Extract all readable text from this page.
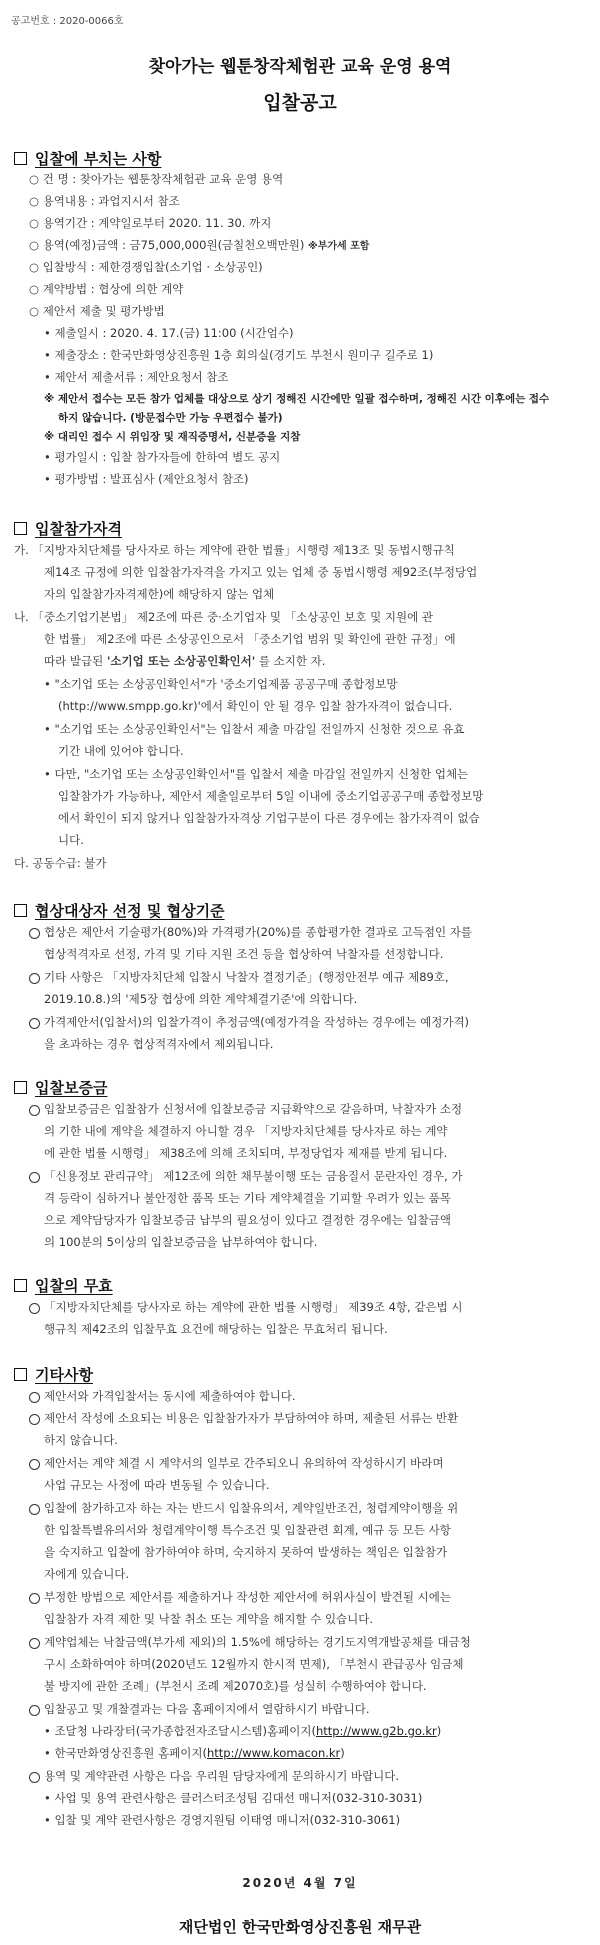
공고번호 : 2020-0066호
찾아가는 웹툰창작체험관 교육 운영 용역
입찰공고
입찰에 부치는 사항
○ 건 명 : 찾아가는 웹툰창작체험관 교육 운영 용역
○ 용역내용 : 과업지시서 참조
○ 용역기간 : 계약일로부터 2020. 11. 30. 까지
○ 용역(예정)금액 : 금75,000,000원(금칠천오백만원) ※부가세 포함
○ 입찰방식 : 제한경쟁입찰(소기업 · 소상공인)
○ 계약방법 : 협상에 의한 계약
○ 제안서 제출 및 평가방법
• 제출일시 : 2020. 4. 17.(금) 11:00 (시간엄수)
• 제출장소 : 한국만화영상진흥원 1층 회의실(경기도 부천시 원미구 길주로 1)
• 제안서 제출서류 : 제안요청서 참조
※ 제안서 접수는 모든 참가 업체를 대상으로 상기 정해진 시간에만 일괄 접수하며, 정해진 시간 이후에는 접수
하지 않습니다. (방문접수만 가능 우편접수 불가)
※ 대리인 접수 시 위임장 및 재직증명서, 신분증을 지참
• 평가일시 : 입찰 참가자들에 한하여 별도 공지
• 평가방법 : 발표심사 (제안요청서 참조)
입찰참가자격
가. 「지방자치단체를 당사자로 하는 계약에 관한 법률」시행령 제13조 및 동법시행규칙
제14조 규정에 의한 입찰참가자격을 가지고 있는 업체 중 동법시행령 제92조(부정당업
자의 입찰참가자격제한)에 해당하지 않는 업체
나. 「중소기업기본법」 제2조에 따른 중·소기업자 및 「소상공인 보호 및 지원에 관
한 법률」 제2조에 따른 소상공인으로서 「중소기업 범위 및 확인에 관한 규정」에
따라 발급된 '소기업 또는 소상공인확인서' 를 소지한 자.
• "소기업 또는 소상공인확인서"가 '중소기업제품 공공구매 종합정보망
(http://www.smpp.go.kr)'에서 확인이 안 될 경우 입찰 참가자격이 없습니다.
• "소기업 또는 소상공인확인서"는 입찰서 제출 마감일 전일까지 신청한 것으로 유효
기간 내에 있어야 합니다.
• 다만, "소기업 또는 소상공인확인서"를 입찰서 제출 마감일 전일까지 신청한 업체는
입찰참가가 가능하나, 제안서 제출일로부터 5일 이내에 중소기업공공구매 종합정보망
에서 확인이 되지 않거나 입찰참가자격상 기업구분이 다른 경우에는 참가자격이 없습
니다.
다. 공동수급: 불가
협상대상자 선정 및 협상기준
협상은 제안서 기술평가(80%)와 가격평가(20%)를 종합평가한 결과로 고득점인 자를
협상적격자로 선정, 가격 및 기타 지원 조건 등을 협상하여 낙찰자를 선정합니다.
기타 사항은 「지방자치단체 입찰시 낙찰자 결정기준」(행정안전부 예규 제89호,
2019.10.8.)의 '제5장 협상에 의한 계약체결기준'에 의합니다.
가격제안서(입찰서)의 입찰가격이 추정금액(예정가격을 작성하는 경우에는 예정가격)
을 초과하는 경우 협상적격자에서 제외됩니다.
입찰보증금
입찰보증금은 입찰참가 신청서에 입찰보증금 지급확약으로 갈음하며, 낙찰자가 소정
의 기한 내에 계약을 체결하지 아니할 경우 「지방자치단체를 당사자로 하는 계약
에 관한 법률 시행령」 제38조에 의해 조치되며, 부정당업자 제재를 받게 됩니다.
「신용정보 관리규약」 제12조에 의한 채무불이행 또는 금융질서 문란자인 경우, 가
격 등락이 심하거나 불안정한 품목 또는 기타 계약체결을 기피할 우려가 있는 품목
으로 계약담당자가 입찰보증금 납부의 필요성이 있다고 결정한 경우에는 입찰금액
의 100분의 5이상의 입찰보증금을 납부하여야 합니다.
입찰의 무효
「지방자치단체를 당사자로 하는 계약에 관한 법률 시행령」 제39조 4항, 같은법 시
행규칙 제42조의 입찰무효 요건에 해당하는 입찰은 무효처리 됩니다.
기타사항
제안서와 가격입찰서는 동시에 제출하여야 합니다.
제안서 작성에 소요되는 비용은 입찰참가자가 부담하여야 하며, 제출된 서류는 반환
하지 않습니다.
제안서는 계약 체결 시 계약서의 일부로 간주되오니 유의하여 작성하시기 바라며
사업 규모는 사정에 따라 변동될 수 있습니다.
입찰에 참가하고자 하는 자는 반드시 입찰유의서, 계약일반조건, 청렴계약이행을 위
한 입찰특별유의서와 청렴계약이행 특수조건 및 입찰관련 회계, 예규 등 모든 사항
을 숙지하고 입찰에 참가하여야 하며, 숙지하지 못하여 발생하는 책임은 입찰참가
자에게 있습니다.
부정한 방법으로 제안서를 제출하거나 작성한 제안서에 허위사실이 발견될 시에는
입찰참가 자격 제한 및 낙찰 취소 또는 계약을 해지할 수 있습니다.
계약업체는 낙찰금액(부가세 제외)의 1.5%에 해당하는 경기도지역개발공채를 대금청
구시 소화하여야 하며(2020년도 12월까지 한시적 면제), 「부천시 관급공사 임금체
불 방지에 관한 조례」(부천시 조례 제2070호)를 성실히 수행하여야 합니다.
입찰공고 및 개찰결과는 다음 홈페이지에서 열람하시기 바랍니다.
• 조달청 나라장터(국가종합전자조달시스템)홈페이지(http://www.g2b.go.kr)
• 한국만화영상진흥원 홈페이지(http://www.komacon.kr)
용역 및 계약관련 사항은 다음 우리원 담당자에게 문의하시기 바랍니다.
• 사업 및 용역 관련사항은 클러스터조성팀 김대선 매니저(032-310-3031)
• 입찰 및 계약 관련사항은 경영지원팀 이태영 매니저(032-310-3061)
2020년 4월 7일
재단법인 한국만화영상진흥원 재무관
